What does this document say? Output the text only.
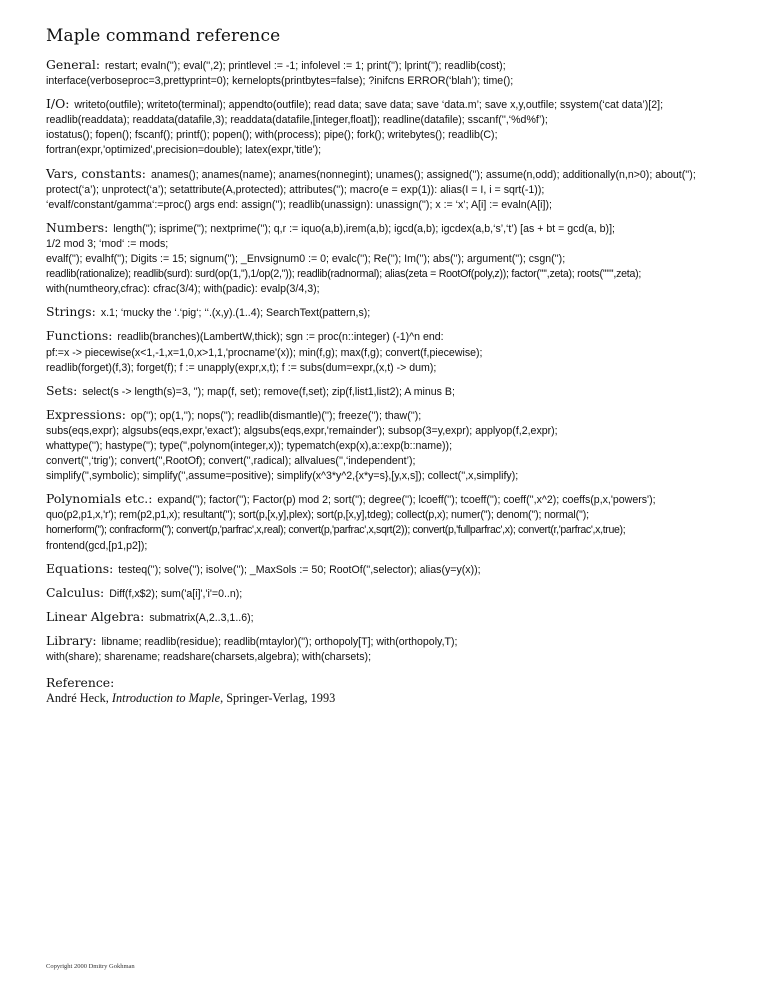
Maple command reference
General: restart; evaln(''); eval('',2); printlevel := -1; infolevel := 1; print(''); lprint(''); readlib(cost);
interface(verboseproc=3,prettyprint=0); kernelopts(printbytes=false); ?inifcns ERROR(‘blah’); time();
I/O: writeto(outfile); writeto(terminal); appendto(outfile); read data; save data; save ‘data.m’; save x,y,outfile; ssystem(‘cat data’)[2];
readlib(readdata); readdata(datafile,3); readdata(datafile,[integer,float]); readline(datafile); sscanf('',‘%d%f’);
iostatus(); fopen(); fscanf(); printf(); popen(); with(process); pipe(); fork(); writebytes(); readlib(C);
fortran(expr,'optimized',precision=double); latex(expr,'title');
Vars, constants: anames(); anames(name); anames(nonnegint); unames(); assigned(''); assume(n,odd); additionally(n,n>0); about('');
protect(‘a’); unprotect(‘a’); setattribute(A,protected); attributes(''); macro(e = exp(1)): alias(I = I, i = sqrt(-1));
‘evalf/constant/gamma‘:=proc() args end: assign(''); readlib(unassign): unassign(''); x := ‘x’; A[i] := evaln(A[i]);
Numbers: length(''); isprime(''); nextprime(''); q,r := iquo(a,b),irem(a,b); igcd(a,b); igcdex(a,b,‘s’,‘t’) [as + bt = gcd(a, b)];
1/2 mod 3; ‘mod‘ := mods;
evalf(''); evalhf(''); Digits := 15; signum(''); _Envsignum0 := 0; evalc(''); Re(''); Im(''); abs(''); argument(''); csgn('');
readlib(rationalize); readlib(surd): surd(op(1,''),1/op(2,'')); readlib(radnormal); alias(zeta = RootOf(poly,z)); factor('''',zeta); roots('''''',zeta);
with(numtheory,cfrac): cfrac(3/4); with(padic): evalp(3/4,3);
Strings: x.1; ‘mucky the ‘.‘pig‘; ‘‘.(x,y).(1..4); SearchText(pattern,s);
Functions: readlib(branches)(LambertW,thick); sgn := proc(n::integer) (-1)^n end:
pf:=x -> piecewise(x<1,-1,x=1,0,x>1,1,'procname'(x)); min(f,g); max(f,g); convert(f,piecewise);
readlib(forget)(f,3); forget(f); f := unapply(expr,x,t); f := subs(dum=expr,(x,t) -> dum);
Sets: select(s -> length(s)=3, ''); map(f, set); remove(f,set); zip(f,list1,list2); A minus B;
Expressions: op(''); op(1,''); nops(''); readlib(dismantle)(''); freeze(''); thaw('');
subs(eqs,expr); algsubs(eqs,expr,'exact'); algsubs(eqs,expr,'remainder'); subsop(3=y,expr); applyop(f,2,expr);
whattype(''); hastype(''); type('',polynom(integer,x)); typematch(exp(x),a::exp(b::name));
convert('',‘trig’); convert('',RootOf); convert('',radical); allvalues('',‘independent’);
simplify('',symbolic); simplify('',assume=positive); simplify(x^3*y^2,{x*y=s},[y,x,s]); collect('',x,simplify);
Polynomials etc.: expand(''); factor(''); Factor(p) mod 2; sort(''); degree(''); lcoeff(''); tcoeff(''); coeff('',x^2); coeffs(p,x,'powers');
quo(p2,p1,x,'r'); rem(p2,p1,x); resultant(''); sort(p,[x,y],plex); sort(p,[x,y],tdeg); collect(p,x); numer(''); denom(''); normal('');
hornerform(''); confracform(''); convert(p,'parfrac',x,real); convert(p,'parfrac',x,sqrt(2)); convert(p,'fullparfrac',x); convert(r,'parfrac',x,true);
frontend(gcd,[p1,p2]);
Equations: testeq(''); solve(''); isolve(''); _MaxSols := 50; RootOf('',selector); alias(y=y(x));
Calculus: Diff(f,x$2); sum('a[i]','i'=0..n);
Linear Algebra: submatrix(A,2..3,1..6);
Library: libname; readlib(residue); readlib(mtaylor)(''); orthopoly[T]; with(orthopoly,T);
with(share); sharename; readshare(charsets,algebra); with(charsets);
Reference:
André Heck, Introduction to Maple, Springer-Verlag, 1993
Copyright 2000 Dmitry Gokhman
